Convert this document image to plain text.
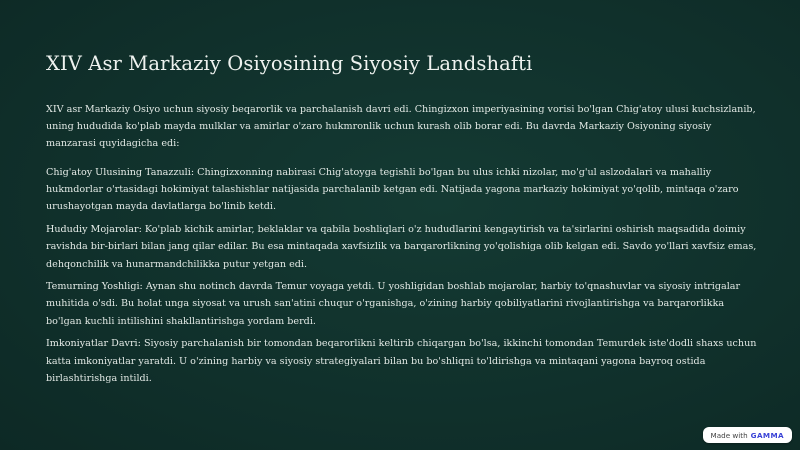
XIV Asr Markaziy Osiyosining Siyosiy Landshafti

XIV asr Markaziy Osiyo uchun siyosiy beqarorlik va parchalanish davri edi. Chingizxon imperiyasining vorisi bo'lgan Chig'atoy ulusi kuchsizlanib, uning hududida ko'plab mayda mulklar va amirlar o'zaro hukmronlik uchun kurash olib borar edi. Bu davrda Markaziy Osiyoning siyosiy manzarasi quyidagicha edi:

Chig'atoy Ulusining Tanazzuli: Chingizxonning nabirasi Chig'atoyga tegishli bo'lgan bu ulus ichki nizolar, mo'g'ul aslzodalari va mahalliy hukmdorlar o'rtasidagi hokimiyat talashishlar natijasida parchalanib ketgan edi. Natijada yagona markaziy hokimiyat yo'qolib, mintaqa o'zaro urushayotgan mayda davlatlarga bo'linib ketdi.

Hududiy Mojarolar: Ko'plab kichik amirlar, beklaklar va qabila boshliqlari o'z hududlarini kengaytirish va ta'sirlarini oshirish maqsadida doimiy ravishda bir-birlari bilan jang qilar edilar. Bu esa mintaqada xavfsizlik va barqarorlikning yo'qolishiga olib kelgan edi. Savdo yo'llari xavfsiz emas, dehqonchilik va hunarmandchilikka putur yetgan edi.

Temurning Yoshligi: Aynan shu notinch davrda Temur voyaga yetdi. U yoshligidan boshlab mojarolar, harbiy to'qnashuvlar va siyosiy intrigalar muhitida o'sdi. Bu holat unga siyosat va urush san'atini chuqur o'rganishga, o'zining harbiy qobiliyatlarini rivojlantirishga va barqarorlikka bo'lgan kuchli intilishini shakllantirishga yordam berdi.

Imkoniyatlar Davri: Siyosiy parchalanish bir tomondan beqarorlikni keltirib chiqargan bo'lsa, ikkinchi tomondan Temurdek iste'dodli shaxs uchun katta imkoniyatlar yaratdi. U o'zining harbiy va siyosiy strategiyalari bilan bu bo'shliqni to'ldirishga va mintaqani yagona bayroq ostida birlashtirishga intildi.

Made with GAMMA
